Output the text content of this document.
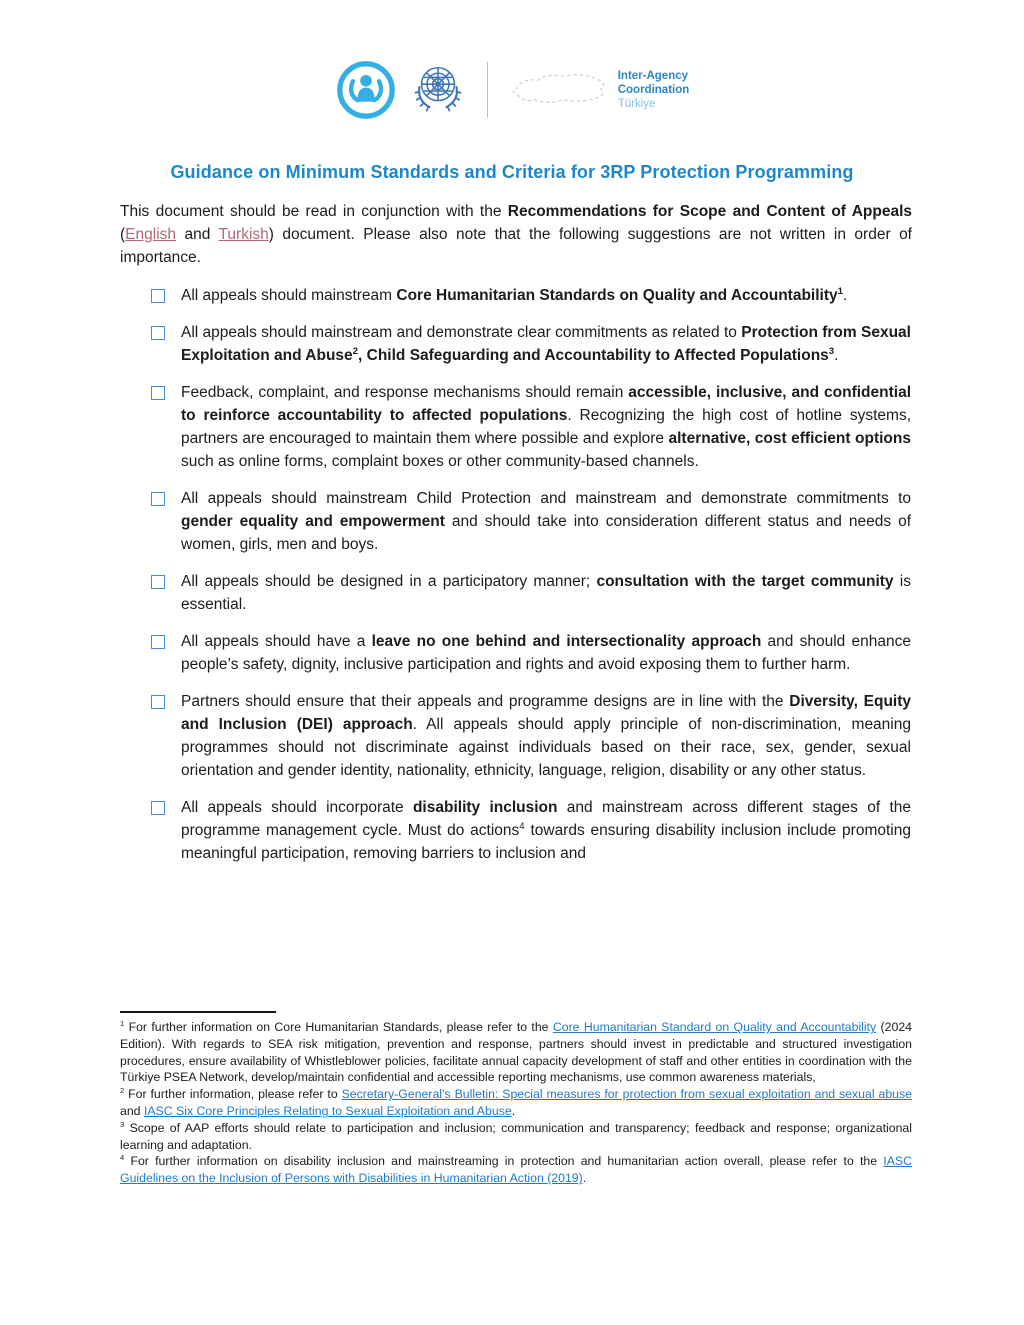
Inter-Agency
Coordination
Türkiye
Guidance on Minimum Standards and Criteria for 3RP Protection Programming

This document should be read in conjunction with the Recommendations for Scope and Content of Appeals (English and Turkish) document. Please also note that the following suggestions are not written in order of importance.

All appeals should mainstream Core Humanitarian Standards on Quality and Accountability$^1$.
All appeals should mainstream and demonstrate clear commitments as related to Protection from Sexual Exploitation and Abuse$^2$, Child Safeguarding and Accountability to Affected Populations$^3$.
Feedback, complaint, and response mechanisms should remain accessible, inclusive, and confidential to reinforce accountability to affected populations. Recognizing the high cost of hotline systems, partners are encouraged to maintain them where possible and explore alternative, cost efficient options such as online forms, complaint boxes or other community-based channels.
All appeals should mainstream Child Protection and mainstream and demonstrate commitments to gender equality and empowerment and should take into consideration different status and needs of women, girls, men and boys.
All appeals should be designed in a participatory manner; consultation with the target community is essential.
All appeals should have a leave no one behind and intersectionality approach and should enhance people’s safety, dignity, inclusive participation and rights and avoid exposing them to further harm.
Partners should ensure that their appeals and programme designs are in line with the Diversity, Equity and Inclusion (DEI) approach. All appeals should apply principle of non-discrimination, meaning programmes should not discriminate against individuals based on their race, sex, gender, sexual orientation and gender identity, nationality, ethnicity, language, religion, disability or any other status.
All appeals should incorporate disability inclusion and mainstream across different stages of the programme management cycle. Must do actions$^4$ towards ensuring disability inclusion include promoting meaningful participation, removing barriers to inclusion and
$^1$ For further information on Core Humanitarian Standards, please refer to the Core Humanitarian Standard on Quality and Accountability (2024 Edition). With regards to SEA risk mitigation, prevention and response, partners should invest in predictable and structured investigation procedures, ensure availability of Whistleblower policies, facilitate annual capacity development of staff and other entities in coordination with the Türkiye PSEA Network, develop/maintain confidential and accessible reporting mechanisms, use common awareness materials,
$^2$ For further information, please refer to Secretary-General’s Bulletin: Special measures for protection from sexual exploitation and sexual abuse and IASC Six Core Principles Relating to Sexual Exploitation and Abuse.
$^3$ Scope of AAP efforts should relate to participation and inclusion; communication and transparency; feedback and response; organizational learning and adaptation.
$^4$ For further information on disability inclusion and mainstreaming in protection and humanitarian action overall, please refer to the IASC Guidelines on the Inclusion of Persons with Disabilities in Humanitarian Action (2019).
